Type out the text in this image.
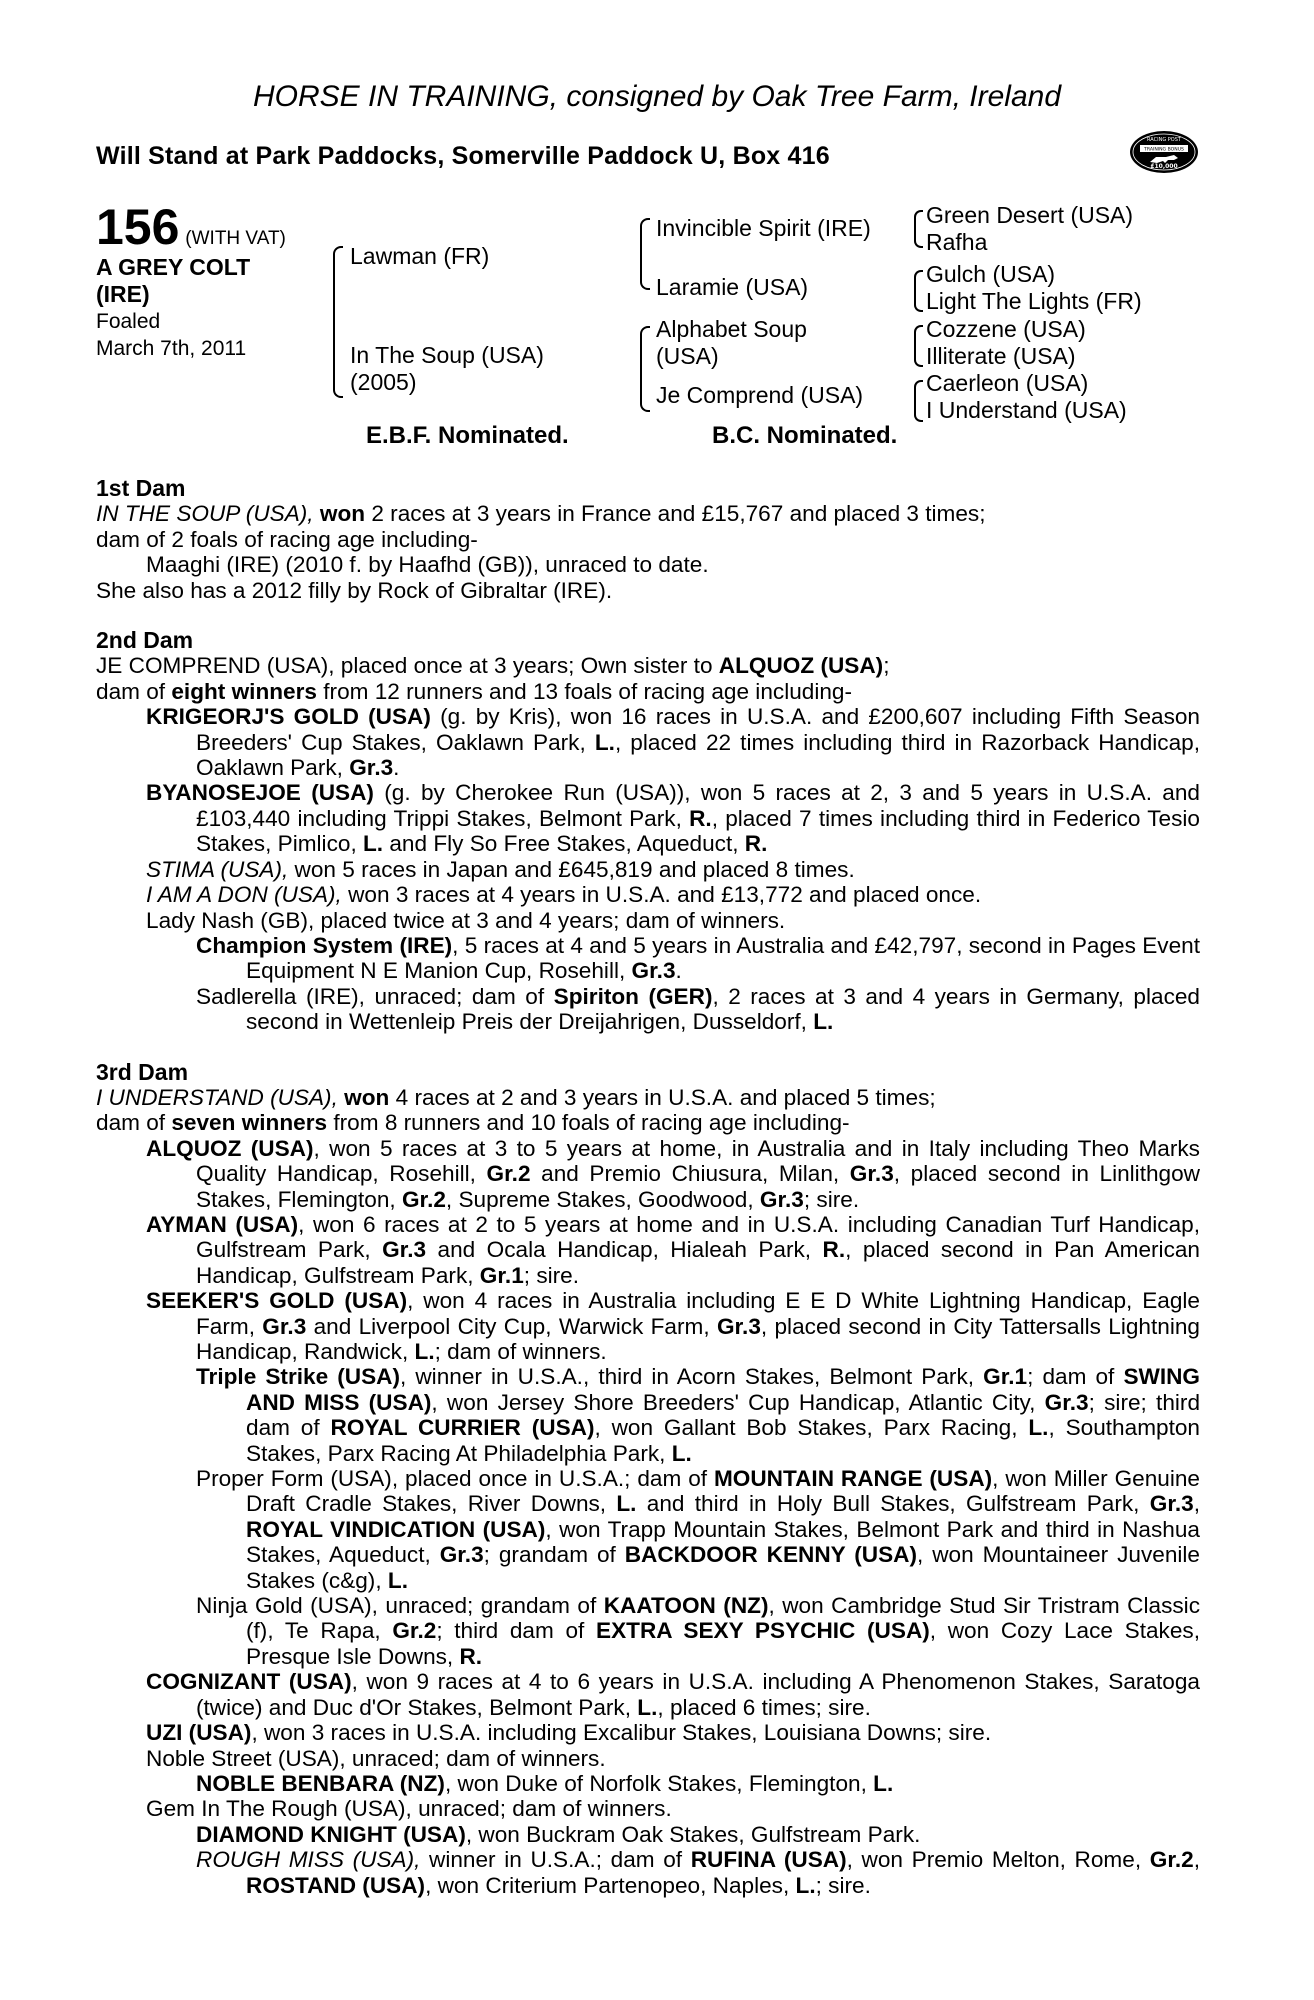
HORSE IN TRAINING, consigned by Oak Tree Farm, Ireland
Will Stand at Park Paddocks, Somerville Paddock U, Box 416
RACING POST
TRAINING BONUS
£10,000
156 (WITH VAT)
A GREY COLT
(IRE)
Foaled
March 7th, 2011
Lawman (FR)
In The Soup (USA)
(2005)
Invincible Spirit (IRE)
Laramie (USA)
Alphabet Soup
(USA)
Je Comprend (USA)
Green Desert (USA)
Rafha
Gulch (USA)
Light The Lights (FR)
Cozzene (USA)
Illiterate (USA)
Caerleon (USA)
I Understand (USA)
E.B.F. Nominated.	B.C. Nominated.

1st Dam

IN THE SOUP (USA), won 2 races at 3 years in France and £15,767 and placed 3 times;

dam of 2 foals of racing age including-

Maaghi (IRE) (2010 f. by Haafhd (GB)), unraced to date.

She also has a 2012 filly by Rock of Gibraltar (IRE).

2nd Dam

JE COMPREND (USA), placed once at 3 years; Own sister to ALQUOZ (USA);

dam of eight winners from 12 runners and 13 foals of racing age including-

KRIGEORJ'S GOLD (USA) (g. by Kris), won 16 races in U.S.A. and £200,607 including Fifth Season Breeders' Cup Stakes, Oaklawn Park, L., placed 22 times including third in Razorback Handicap, Oaklawn Park, Gr.3.

BYANOSEJOE (USA) (g. by Cherokee Run (USA)), won 5 races at 2, 3 and 5 years in U.S.A. and £103,440 including Trippi Stakes, Belmont Park, R., placed 7 times including third in Federico Tesio Stakes, Pimlico, L. and Fly So Free Stakes, Aqueduct, R.

STIMA (USA), won 5 races in Japan and £645,819 and placed 8 times.

I AM A DON (USA), won 3 races at 4 years in U.S.A. and £13,772 and placed once.

Lady Nash (GB), placed twice at 3 and 4 years; dam of winners.

Champion System (IRE), 5 races at 4 and 5 years in Australia and £42,797, second in Pages Event Equipment N E Manion Cup, Rosehill, Gr.3.

Sadlerella (IRE), unraced; dam of Spiriton (GER), 2 races at 3 and 4 years in Germany, placed second in Wettenleip Preis der Dreijahrigen, Dusseldorf, L.

3rd Dam

I UNDERSTAND (USA), won 4 races at 2 and 3 years in U.S.A. and placed 5 times;

dam of seven winners from 8 runners and 10 foals of racing age including-

ALQUOZ (USA), won 5 races at 3 to 5 years at home, in Australia and in Italy including Theo Marks Quality Handicap, Rosehill, Gr.2 and Premio Chiusura, Milan, Gr.3, placed second in Linlithgow Stakes, Flemington, Gr.2, Supreme Stakes, Goodwood, Gr.3; sire.

AYMAN (USA), won 6 races at 2 to 5 years at home and in U.S.A. including Canadian Turf Handicap, Gulfstream Park, Gr.3 and Ocala Handicap, Hialeah Park, R., placed second in Pan American Handicap, Gulfstream Park, Gr.1; sire.

SEEKER'S GOLD (USA), won 4 races in Australia including E E D White Lightning Handicap, Eagle Farm, Gr.3 and Liverpool City Cup, Warwick Farm, Gr.3, placed second in City Tattersalls Lightning Handicap, Randwick, L.; dam of winners.

Triple Strike (USA), winner in U.S.A., third in Acorn Stakes, Belmont Park, Gr.1; dam of SWING AND MISS (USA), won Jersey Shore Breeders' Cup Handicap, Atlantic City, Gr.3; sire; third dam of ROYAL CURRIER (USA), won Gallant Bob Stakes, Parx Racing, L., Southampton Stakes, Parx Racing At Philadelphia Park, L.

Proper Form (USA), placed once in U.S.A.; dam of MOUNTAIN RANGE (USA), won Miller Genuine Draft Cradle Stakes, River Downs, L. and third in Holy Bull Stakes, Gulfstream Park, Gr.3, ROYAL VINDICATION (USA), won Trapp Mountain Stakes, Belmont Park and third in Nashua Stakes, Aqueduct, Gr.3; grandam of BACKDOOR KENNY (USA), won Mountaineer Juvenile Stakes (c&g), L.

Ninja Gold (USA), unraced; grandam of KAATOON (NZ), won Cambridge Stud Sir Tristram Classic (f), Te Rapa, Gr.2; third dam of EXTRA SEXY PSYCHIC (USA), won Cozy Lace Stakes, Presque Isle Downs, R.

COGNIZANT (USA), won 9 races at 4 to 6 years in U.S.A. including A Phenomenon Stakes, Saratoga (twice) and Duc d'Or Stakes, Belmont Park, L., placed 6 times; sire.

UZI (USA), won 3 races in U.S.A. including Excalibur Stakes, Louisiana Downs; sire.

Noble Street (USA), unraced; dam of winners.

NOBLE BENBARA (NZ), won Duke of Norfolk Stakes, Flemington, L.

Gem In The Rough (USA), unraced; dam of winners.

DIAMOND KNIGHT (USA), won Buckram Oak Stakes, Gulfstream Park.

ROUGH MISS (USA), winner in U.S.A.; dam of RUFINA (USA), won Premio Melton, Rome, Gr.2, ROSTAND (USA), won Criterium Partenopeo, Naples, L.; sire.
